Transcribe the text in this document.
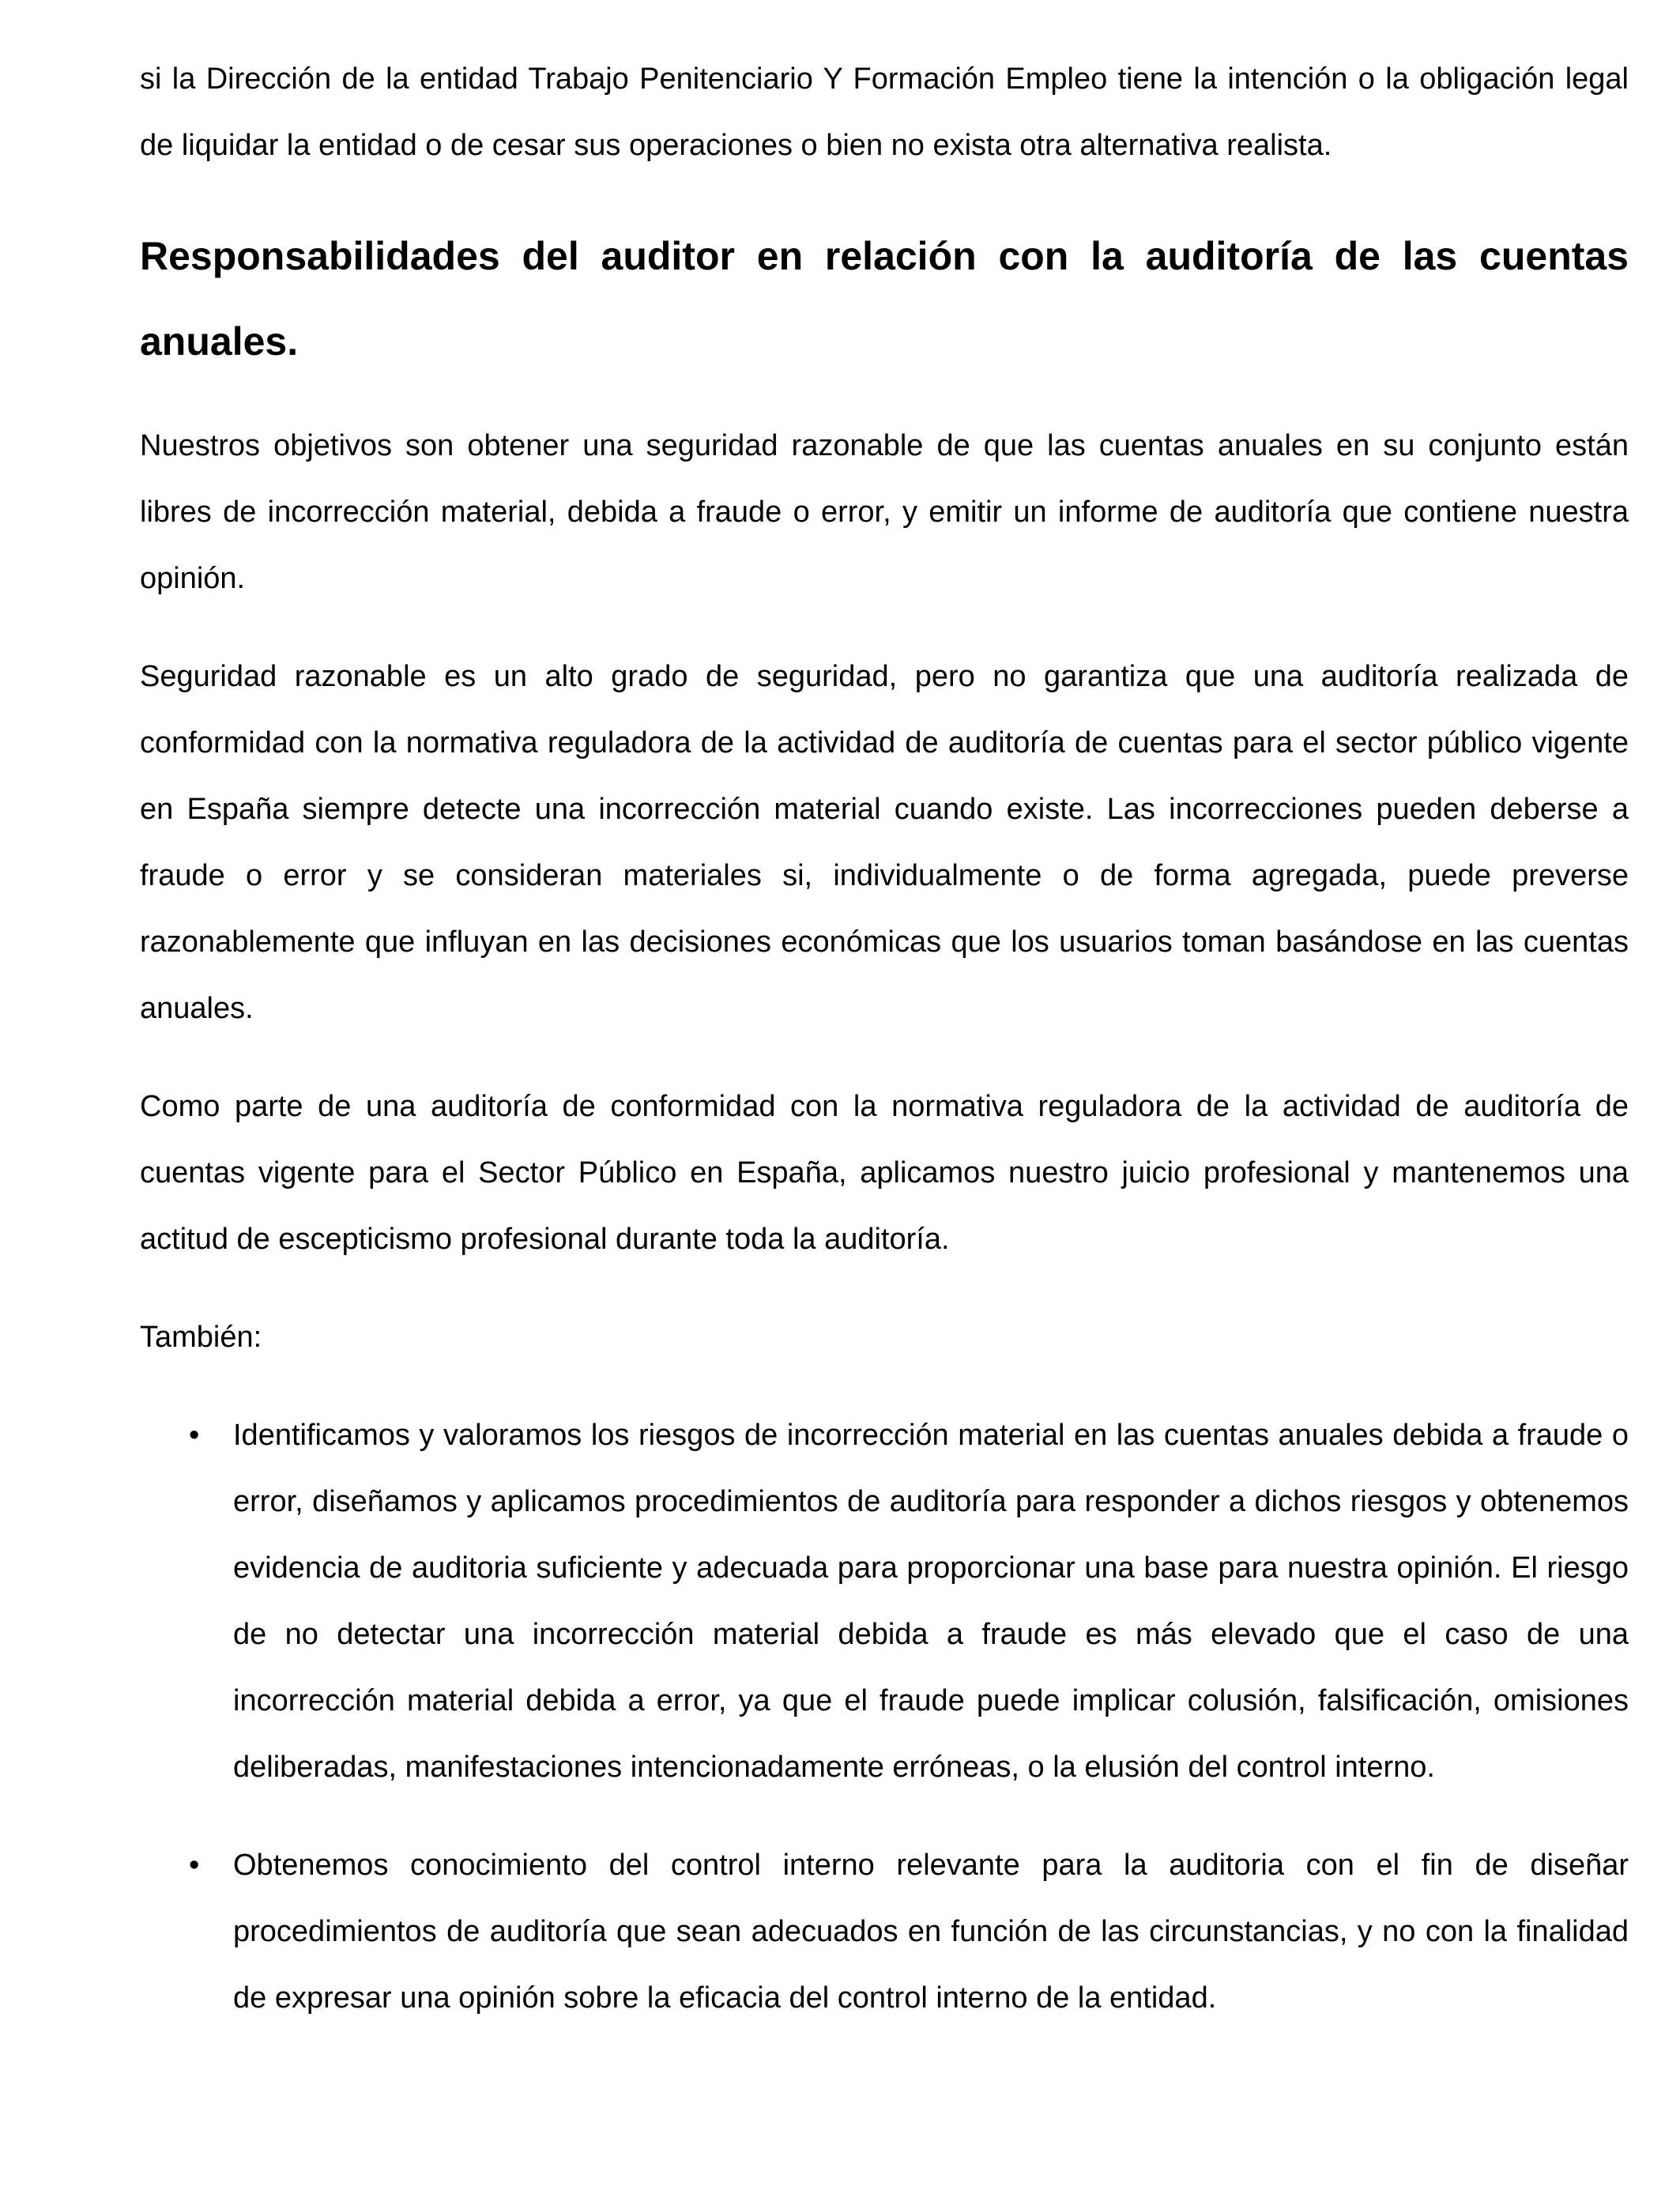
si la Dirección de la entidad Trabajo Penitenciario Y Formación Empleo tiene la intención o la obligación legal de liquidar la entidad o de cesar sus operaciones o bien no exista otra alternativa realista.

Responsabilidades del auditor en relación con la auditoría de las cuentas anuales.

Nuestros objetivos son obtener una seguridad razonable de que las cuentas anuales en su conjunto están libres de incorrección material, debida a fraude o error, y emitir un informe de auditoría que contiene nuestra opinión.

Seguridad razonable es un alto grado de seguridad, pero no garantiza que una auditoría realizada de conformidad con la normativa reguladora de la actividad de auditoría de cuentas para el sector público vigente en España siempre detecte una incorrección material cuando existe. Las incorrecciones pueden deberse a fraude o error y se consideran materiales si, individualmente o de forma agregada, puede preverse razonablemente que influyan en las decisiones económicas que los usuarios toman basándose en las cuentas anuales.

Como parte de una auditoría de conformidad con la normativa reguladora de la actividad de auditoría de cuentas vigente para el Sector Público en España, aplicamos nuestro juicio profesional y mantenemos una actitud de escepticismo profesional durante toda la auditoría.

También:

•	Identificamos y valoramos los riesgos de incorrección material en las cuentas anuales debida a fraude o error, diseñamos y aplicamos procedimientos de auditoría para responder a dichos riesgos y obtenemos evidencia de auditoria suficiente y adecuada para proporcionar una base para nuestra opinión. El riesgo de no detectar una incorrección material debida a fraude es más elevado que el caso de una incorrección material debida a error, ya que el fraude puede implicar colusión, falsificación, omisiones deliberadas, manifestaciones intencionadamente erróneas, o la elusión del control interno.
•	Obtenemos conocimiento del control interno relevante para la auditoria con el fin de diseñar procedimientos de auditoría que sean adecuados en función de las circunstancias, y no con la finalidad de expresar una opinión sobre la eficacia del control interno de la entidad.
